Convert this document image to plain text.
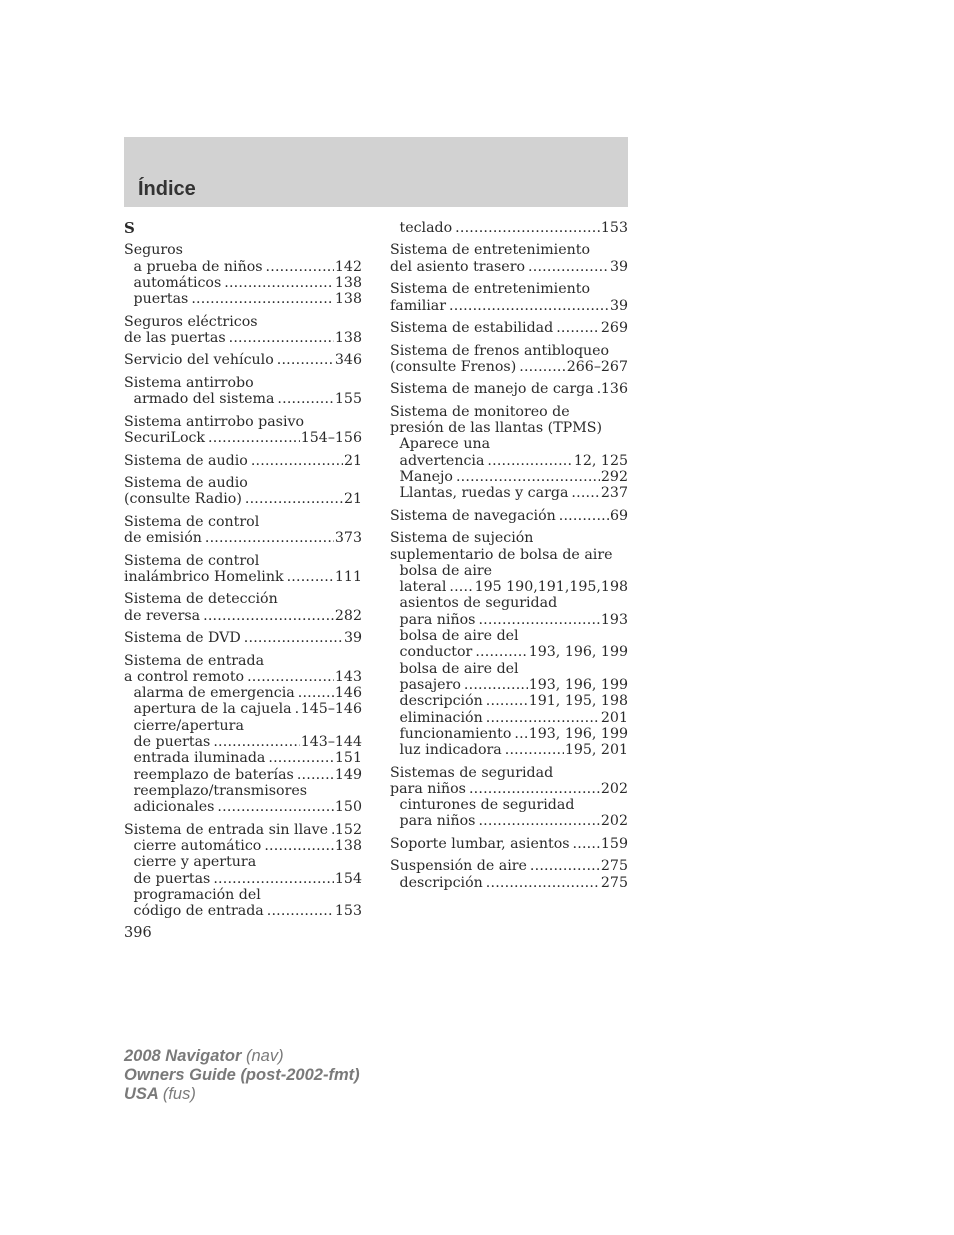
Índice
S
Seguros
a prueba de niños .....	142
automáticos .....	138
puertas .....	138
Seguros eléctricos
de las puertas .....	138
Servicio del vehículo .....	346
Sistema antirrobo
armado del sistema .....	155
Sistema antirrobo pasivo
SecuriLock .....	154–156
Sistema de audio .....	21
Sistema de audio
(consulte Radio) .....	21
Sistema de control
de emisión .....	373
Sistema de control
inalámbrico Homelink .....	111
Sistema de detección
de reversa .....	282
Sistema de DVD .....	39
Sistema de entrada
a control remoto .....	143
alarma de emergencia .....	146
apertura de la cajuela ..... 145–146
cierre/apertura
de puertas .....	143–144
entrada iluminada .....	151
reemplazo de baterías .....	149
reemplazo/transmisores
adicionales .....	150
Sistema de entrada sin llave ..... 152
cierre automático .....	138
cierre y apertura
de puertas .....	154
programación del
código de entrada .....	153
teclado .....	153
Sistema de entretenimiento
del asiento trasero .....	39
Sistema de entretenimiento
familiar .....	39
Sistema de estabilidad .....	269
Sistema de frenos antibloqueo
(consulte Frenos) .....	266–267
Sistema de manejo de carga ..... 136
Sistema de monitoreo de
presión de las llantas (TPMS)
Aparece una
advertencia .....	12, 125
Manejo .....	292
Llantas, ruedas y carga ..... 237
Sistema de navegación .....	69
Sistema de sujeción
suplementario de bolsa de aire
bolsa de aire
lateral ..... 195 190,191,195,198
asientos de seguridad
para niños .....	193
bolsa de aire del
conductor .....	193, 196, 199
bolsa de aire del
pasajero .....	193, 196, 199
descripción .....	191, 195, 198
eliminación .....	201
funcionamiento ..... 193, 196, 199
luz indicadora .....	195, 201
Sistemas de seguridad
para niños .....	202
cinturones de seguridad
para niños .....	202
Soporte lumbar, asientos ..... 159
Suspensión de aire .....	275
descripción .....	275
396
2008 Navigator (nav)
Owners Guide (post-2002-fmt)
USA (fus)
